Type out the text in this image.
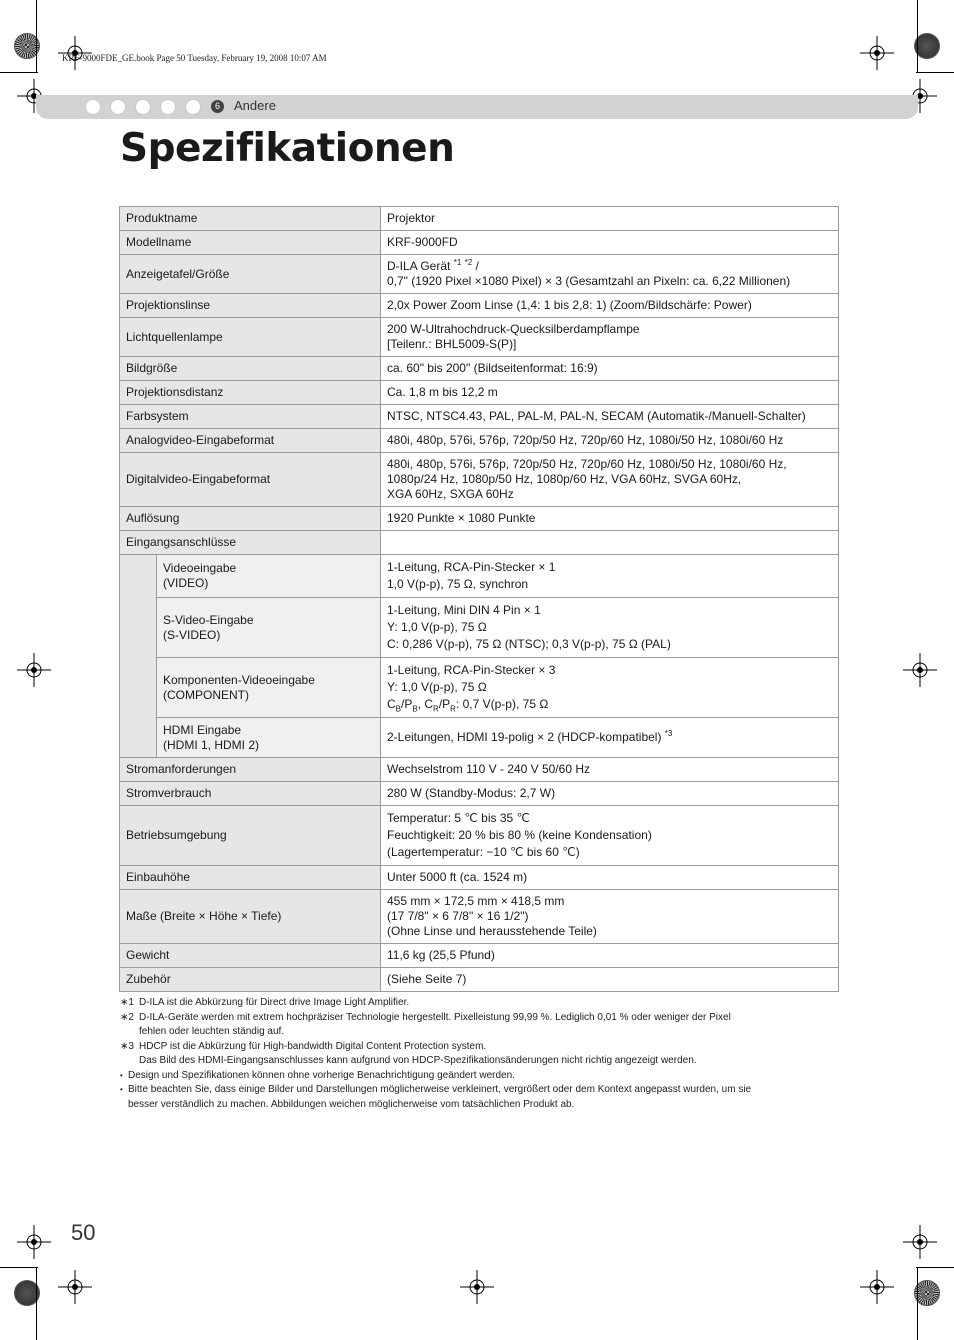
KRF-9000FDE_GE.book Page 50 Tuesday, February 19, 2008 10:07 AM
6	Andere
Spezifikationen
Produktname		Projektor
Modellname		KRF-9000FD
Anzeigetafel/Größe		D-ILA Gerät $^{*1}$ $^{*2}$ /
0,7" (1920 Pixel ×1080 Pixel) × 3 (Gesamtzahl an Pixeln: ca. 6,22 Millionen)

Projektionslinse		2,0x Power Zoom Linse (1,4: 1 bis 2,8: 1) (Zoom/Bildschärfe: Power)
Lichtquellenlampe		200 W-Ultrahochdruck-Quecksilberdampflampe
[Teilenr.: BHL5009-S(P)]

Bildgröße		ca. 60" bis 200" (Bildseitenformat: 16:9)
Projektionsdistanz		Ca. 1,8 m bis 12,2 m
Farbsystem		NTSC, NTSC4.43, PAL, PAL-M, PAL-N, SECAM (Automatik-/Manuell-Schalter)
Analogvideo-Eingabeformat		480i, 480p, 576i, 576p, 720p/50 Hz, 720p/60 Hz, 1080i/50 Hz, 1080i/60 Hz
Digitalvideo-Eingabeformat		480i, 480p, 576i, 576p, 720p/50 Hz, 720p/60 Hz, 1080i/50 Hz, 1080i/60 Hz,
1080p/24 Hz, 1080p/50 Hz, 1080p/60 Hz, VGA 60Hz, SVGA 60Hz,
XGA 60Hz, SXGA 60Hz

Auflösung		1920 Punkte × 1080 Punkte
Eingangsanschlüsse		

	Videoeingabe
(VIDEO)	1-Leitung, RCA-Pin-Stecker × 1
1,0 V(p-p), 75 Ω, synchron

	S-Video-Eingabe
(S-VIDEO)	1-Leitung, Mini DIN 4 Pin × 1
Y: 1,0 V(p-p), 75 Ω
C: 0,286 V(p-p), 75 Ω (NTSC); 0,3 V(p-p), 75 Ω (PAL)

	Komponenten-Videoeingabe
(COMPONENT)	1-Leitung, RCA-Pin-Stecker × 3
Y: 1,0 V(p-p), 75 Ω
$C_B/P_B$, $C_R/P_R$: 0,7 V(p-p), 75 Ω

	HDMI Eingabe
(HDMI 1, HDMI 2)	2-Leitungen, HDMI 19-polig × 2 (HDCP-kompatibel) $^{*3}$
Stromanforderungen		Wechselstrom 110 V - 240 V 50/60 Hz
Stromverbrauch		280 W (Standby-Modus: 2,7 W)
Betriebsumgebung		Temperatur: 5 ℃ bis 35 ℃
Feuchtigkeit: 20 % bis 80 % (keine Kondensation)
(Lagertemperatur: −10 ℃ bis 60 ℃)

Einbauhöhe		Unter 5000 ft (ca. 1524 m)
Maße (Breite × Höhe × Tiefe)		455 mm × 172,5 mm × 418,5 mm
(17 7/8" × 6 7/8" × 16 1/2")
(Ohne Linse und herausstehende Teile)

Gewicht		11,6 kg (25,5 Pfund)
Zubehör		(Siehe Seite 7)
∗1 D-ILA ist die Abkürzung für Direct drive Image Light Amplifier.
∗2 D-ILA-Geräte werden mit extrem hochpräziser Technologie hergestellt. Pixelleistung 99,99 %. Lediglich 0,01 % oder weniger der Pixel
fehlen oder leuchten ständig auf.
∗3 HDCP ist die Abkürzung für High-bandwidth Digital Content Protection system.
Das Bild des HDMI-Eingangsanschlusses kann aufgrund von HDCP-Spezifikationsänderungen nicht richtig angezeigt werden.
• Design und Spezifikationen können ohne vorherige Benachrichtigung geändert werden.
• Bitte beachten Sie, dass einige Bilder und Darstellungen möglicherweise verkleinert, vergrößert oder dem Kontext angepasst wurden, um sie
besser verständlich zu machen. Abbildungen weichen möglicherweise vom tatsächlichen Produkt ab.
50
